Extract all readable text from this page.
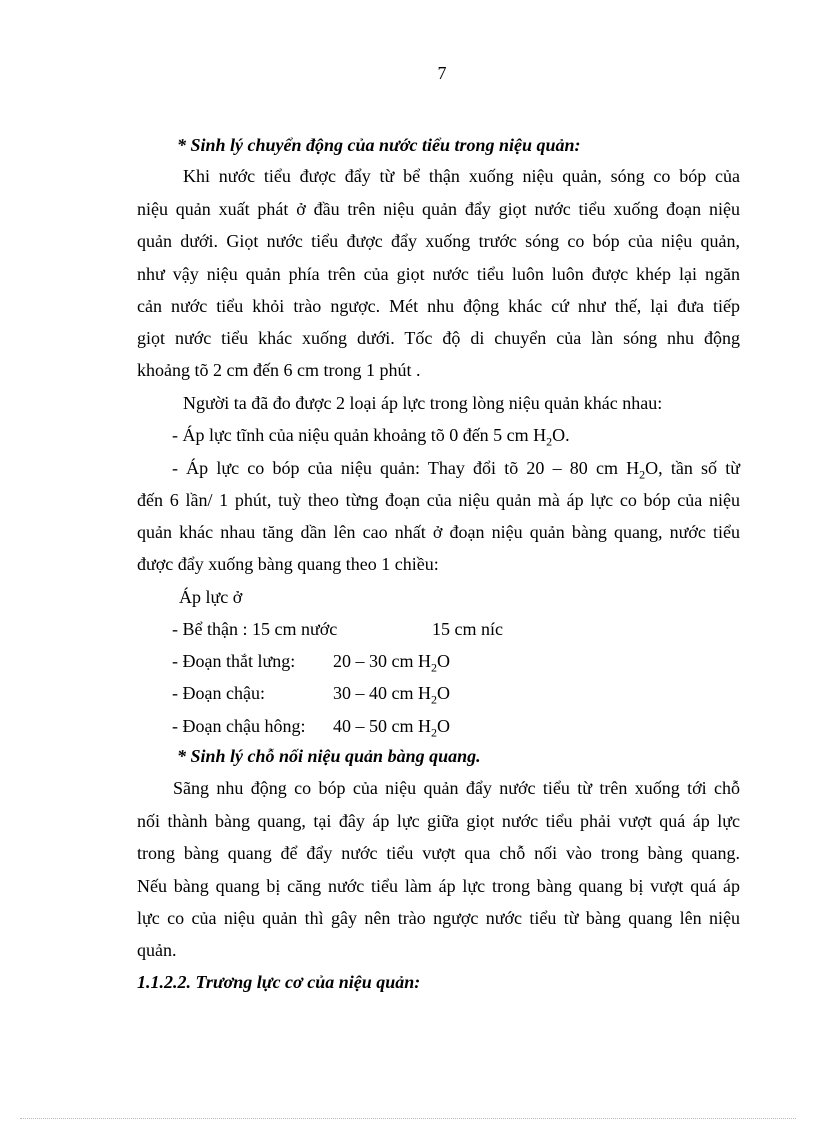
7
* Sinh lý chuyển động của nước tiểu trong niệu quản:
Khi nước tiểu được đẩy từ bể thận xuống niệu quản, sóng co bóp của
niệu quản xuất phát ở đầu trên niệu quản đẩy giọt nước tiểu xuống đoạn niệu
quản dưới. Giọt nước tiểu được đẩy xuống trước sóng co bóp của niệu quản,
như vậy niệu quản phía trên của giọt nước tiểu luôn luôn được khép lại ngăn
cản nước tiểu khỏi trào ngược. Mét nhu động khác cứ như thế, lại đưa tiếp
giọt nước tiểu khác xuống dưới. Tốc độ di chuyển của làn sóng nhu động
khoảng tõ 2 cm đến 6 cm trong 1 phút .
Người ta đã đo được 2 loại áp lực trong lòng niệu quản khác nhau:
- Áp lực tĩnh của niệu quản khoảng tõ 0 đến 5 cm $H_2O$.
- Áp lực co bóp của niệu quản: Thay đổi tõ 20 – 80 cm $H_2O$, tần số từ
đến 6 lần/ 1 phút, tuỳ theo từng đoạn của niệu quản mà áp lực co bóp của niệu
quản khác nhau tăng dần lên cao nhất ở đoạn niệu quản bàng quang, nước tiểu
được đẩy xuống bàng quang theo 1 chiều:
Áp lực ở
- Bể thận : 15 cm nước	15 cm níc
- Đoạn thắt lưng: 20 – 30 cm $H_2O$
- Đoạn chậu:	30 – 40 cm $H_2O$
- Đoạn chậu hông: 40 – 50 cm $H_2O$
* Sinh lý chỗ nối niệu quản bàng quang.
Sãng nhu động co bóp của niệu quản đẩy nước tiểu từ trên xuống tới chỗ
nối thành bàng quang, tại đây áp lực giữa giọt nước tiểu phải vượt quá áp lực
trong bàng quang để đẩy nước tiểu vượt qua chỗ nối vào trong bàng quang.
Nếu bàng quang bị căng nước tiểu làm áp lực trong bàng quang bị vượt quá áp
lực co của niệu quản thì gây nên trào ngược nước tiểu từ bàng quang lên niệu
quản.
1.1.2.2. Trương lực cơ của niệu quản:
